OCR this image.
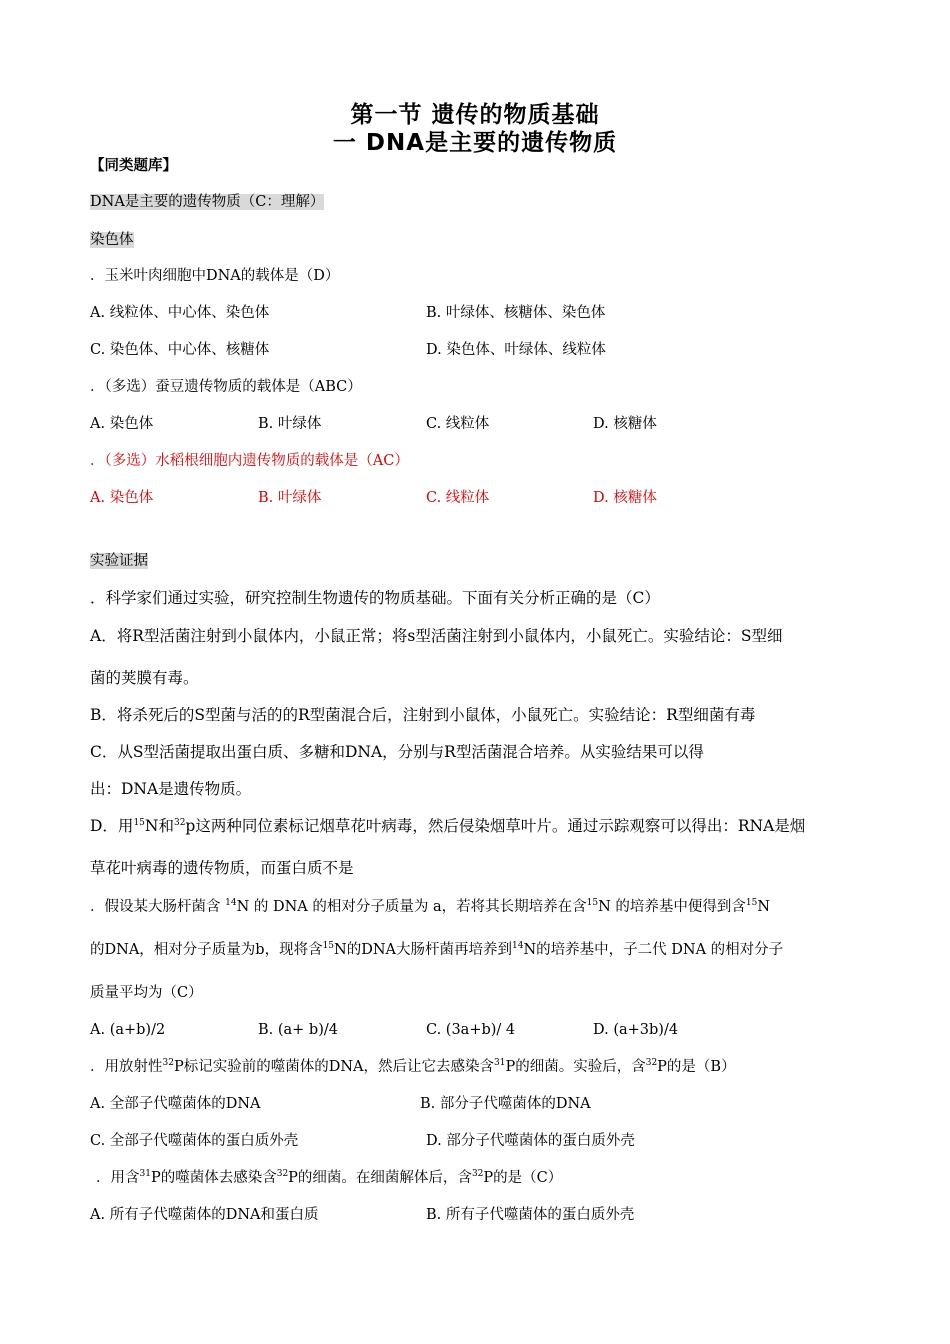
第一节 遗传的物质基础
一 DNA是主要的遗传物质
【同类题库】
DNA是主要的遗传物质（C：理解）
染色体
．玉米叶肉细胞中DNA的载体是（D）
A. 线粒体、中心体、染色体	B. 叶绿体、核糖体、染色体
C. 染色体、中心体、核糖体	D. 染色体、叶绿体、线粒体
．（多选）蚕豆遗传物质的载体是（ABC）
A. 染色体	B. 叶绿体	C. 线粒体	D. 核糖体
．（多选）水稻根细胞内遗传物质的载体是（AC）
A. 染色体	B. 叶绿体	C. 线粒体	D. 核糖体
实验证据
．科学家们通过实验，研究控制生物遗传的物质基础。下面有关分析正确的是（C）
A．将R型活菌注射到小鼠体内，小鼠正常；将s型活菌注射到小鼠体内，小鼠死亡。实验结论：S型细
菌的荚膜有毒。
B．将杀死后的S型菌与活的的R型菌混合后，注射到小鼠体，小鼠死亡。实验结论：R型细菌有毒
C．从S型活菌提取出蛋白质、多糖和DNA，分别与R型活菌混合培养。从实验结果可以得
出：DNA是遗传物质。
D．用$^{15}$N和$^{32}$p这两种同位素标记烟草花叶病毒，然后侵染烟草叶片。通过示踪观察可以得出：RNA是烟
草花叶病毒的遗传物质，而蛋白质不是
．假设某大肠杆菌含 $^{14}$N 的 DNA 的相对分子质量为 a，若将其长期培养在含$^{15}$N 的培养基中便得到含$^{15}$N
的DNA，相对分子质量为b，现将含$^{15}$N的DNA大肠杆菌再培养到$^{14}$N的培养基中，子二代 DNA 的相对分子
质量平均为（C）
A. (a+b)/2	B. (a+ b)/4	C. (3a+b)/ 4	D. (a+3b)/4
．用放射性$^{32}$P标记实验前的噬菌体的DNA，然后让它去感染含$^{31}$P的细菌。实验后，含$^{32}$P的是（B）
A. 全部子代噬菌体的DNA	B. 部分子代噬菌体的DNA
C. 全部子代噬菌体的蛋白质外壳	D. 部分子代噬菌体的蛋白质外壳
．用含$^{31}$P的噬菌体去感染含$^{32}$P的细菌。在细菌解体后，含$^{32}$P的是（C）
A. 所有子代噬菌体的DNA和蛋白质	B. 所有子代噬菌体的蛋白质外壳
